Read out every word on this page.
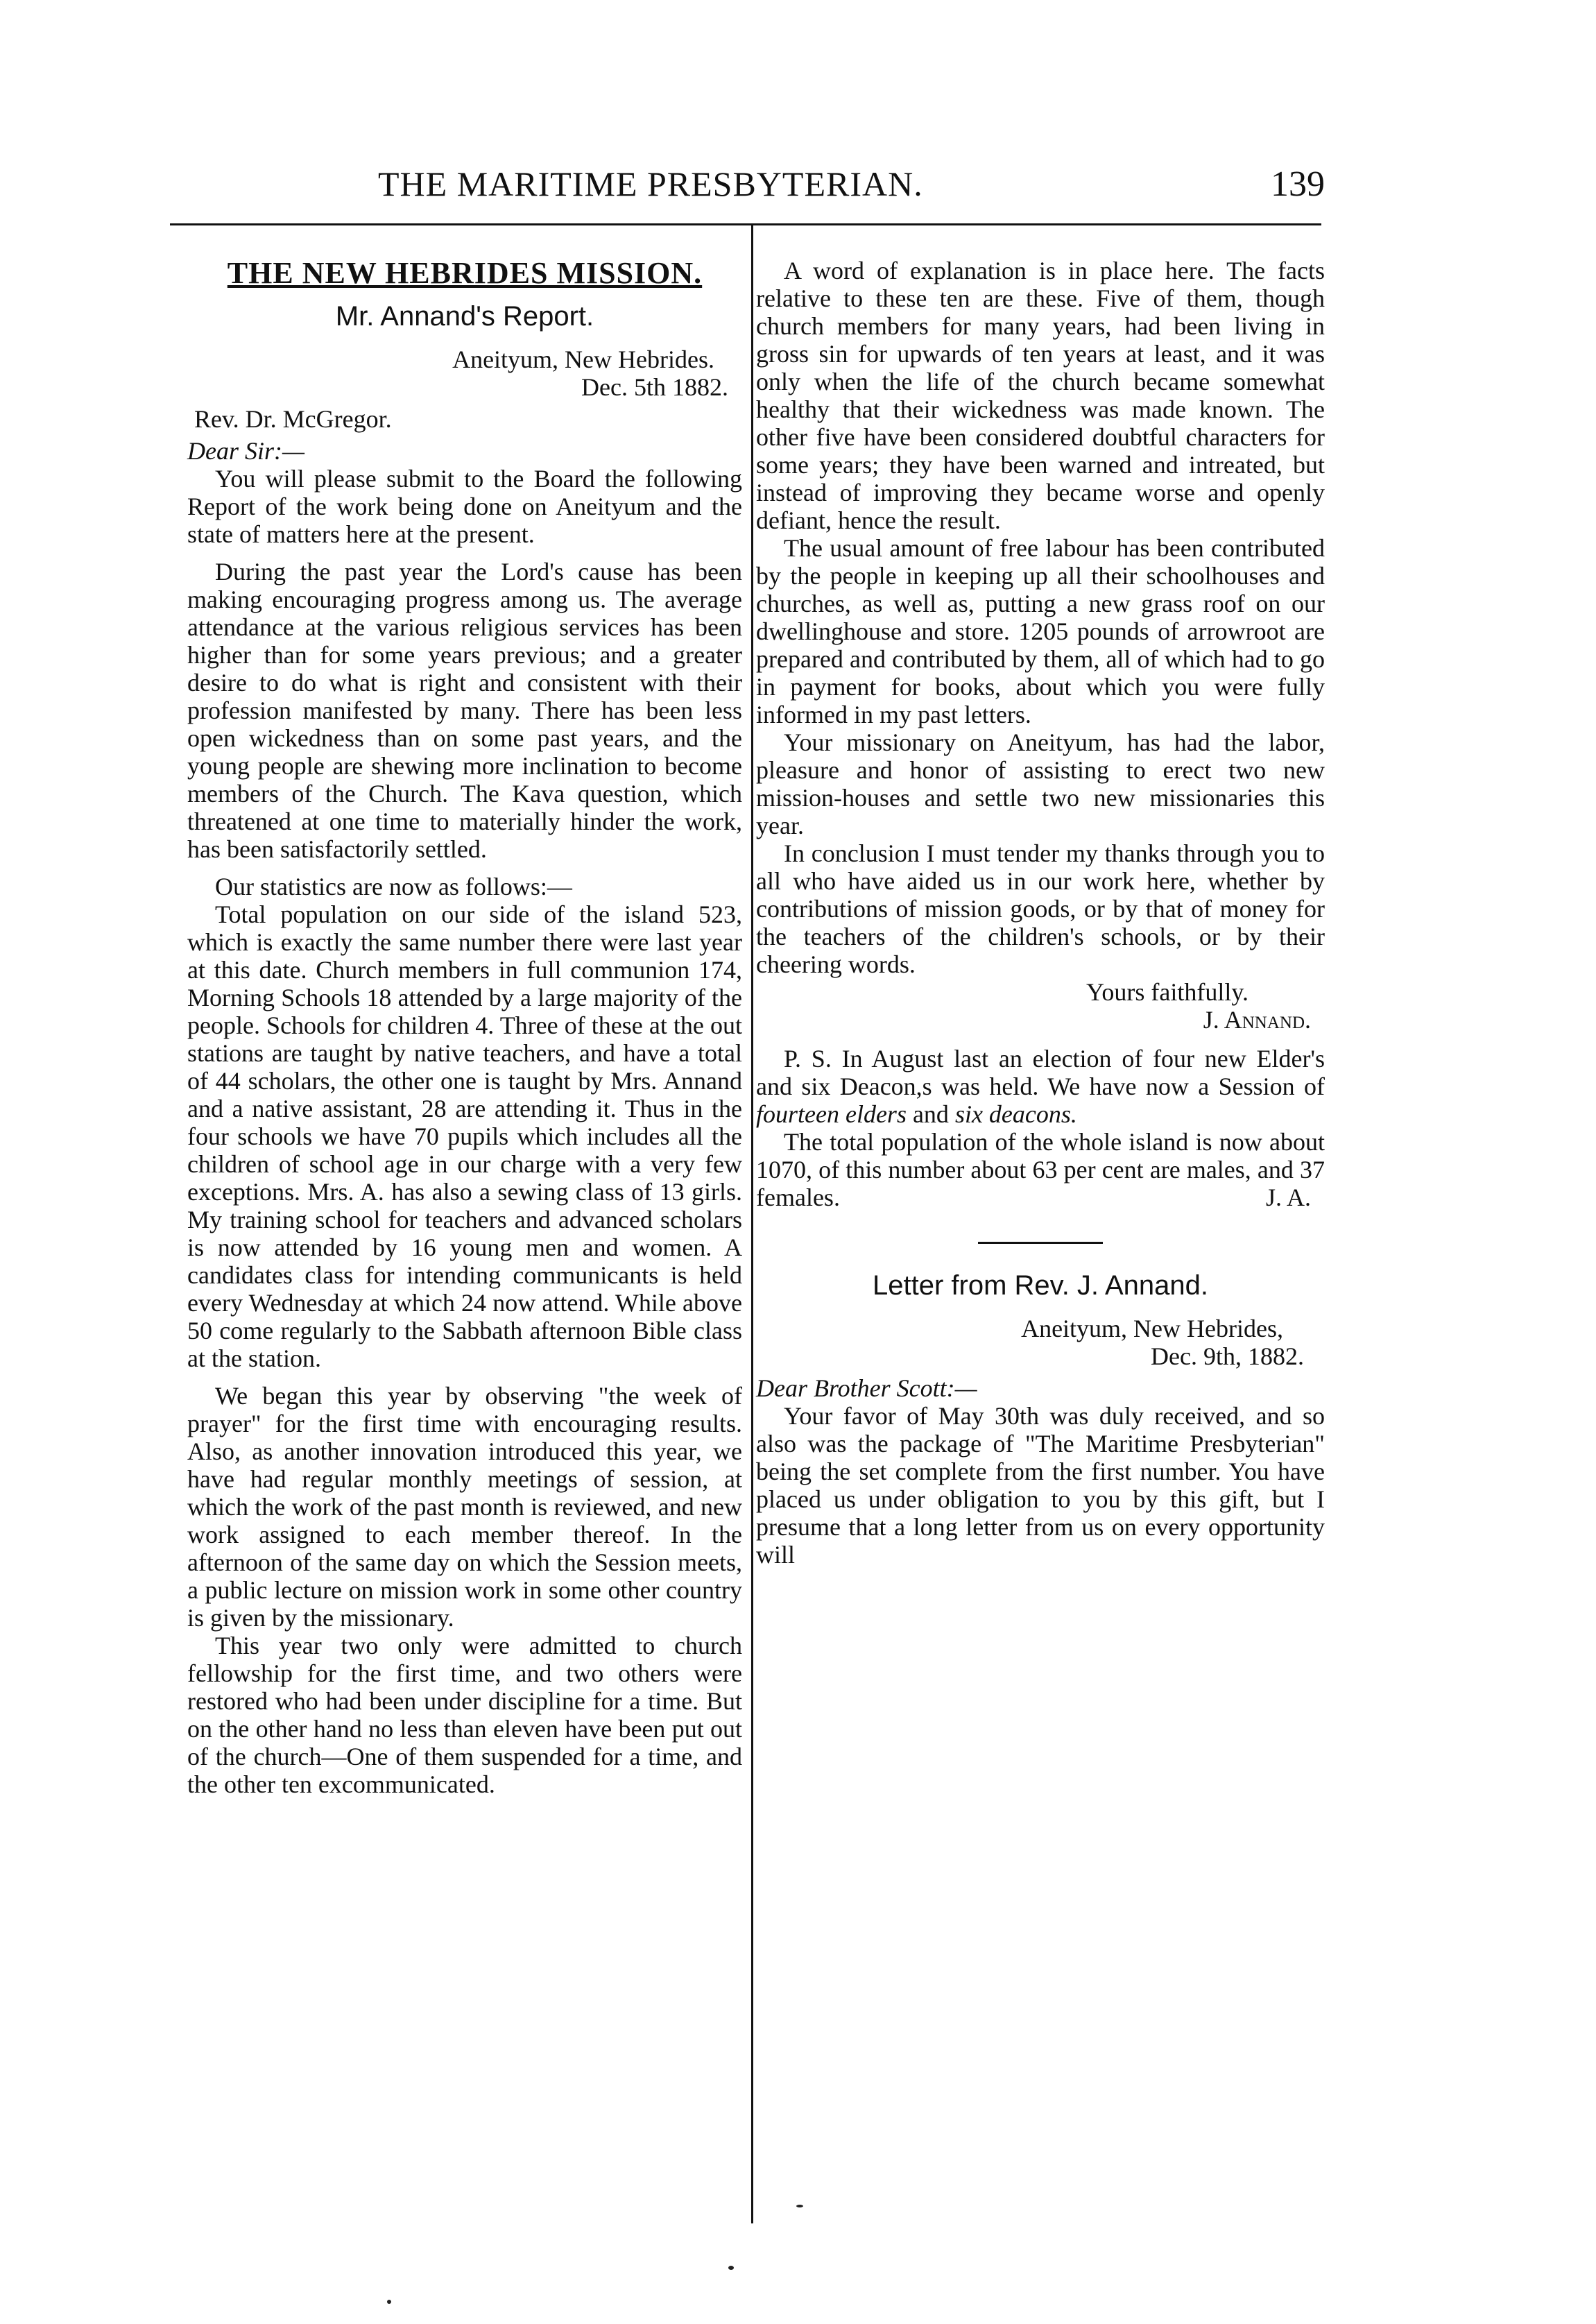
THE MARITIME PRESBYTERIAN.	139
THE NEW HEBRIDES MISSION.
Mr. Annand's Report.
Aneityum, New Hebrides.
Dec. 5th 1882.
Rev. Dr. McGregor.
Dear Sir:—

You will please submit to the Board the following Report of the work being done on Aneityum and the state of matters here at the present.

During the past year the Lord's cause has been making encouraging progress among us. The average attendance at the various religious services has been higher than for some years previous; and a greater desire to do what is right and consistent with their profession manifested by many. There has been less open wickedness than on some past years, and the young people are shewing more inclination to become members of the Church. The Kava question, which threatened at one time to materially hinder the work, has been satisfactorily settled.

Our statistics are now as follows:—

Total population on our side of the island 523, which is exactly the same number there were last year at this date. Church members in full communion 174, Morning Schools 18 attended by a large majority of the people. Schools for children 4. Three of these at the out stations are taught by native teachers, and have a total of 44 scholars, the other one is taught by Mrs. Annand and a native assistant, 28 are attending it. Thus in the four schools we have 70 pupils which includes all the children of school age in our charge with a very few exceptions. Mrs. A. has also a sewing class of 13 girls. My training school for teachers and advanced scholars is now attended by 16 young men and women. A candidates class for intending communicants is held every Wednesday at which 24 now attend. While above 50 come regularly to the Sabbath afternoon Bible class at the station.

We began this year by observing "the week of prayer" for the first time with encouraging results. Also, as another innovation introduced this year, we have had regular monthly meetings of session, at which the work of the past month is reviewed, and new work assigned to each member thereof. In the afternoon of the same day on which the Session meets, a public lecture on mission work in some other country is given by the missionary.

This year two only were admitted to church fellowship for the first time, and two others were restored who had been under discipline for a time. But on the other hand no less than eleven have been put out of the church—One of them suspended for a time, and the other ten excommunicated.

A word of explanation is in place here. The facts relative to these ten are these. Five of them, though church members for many years, had been living in gross sin for upwards of ten years at least, and it was only when the life of the church became somewhat healthy that their wickedness was made known. The other five have been considered doubtful characters for some years; they have been warned and intreated, but instead of improving they became worse and openly defiant, hence the result.

The usual amount of free labour has been contributed by the people in keeping up all their schoolhouses and churches, as well as, putting a new grass roof on our dwellinghouse and store. 1205 pounds of arrowroot are prepared and contributed by them, all of which had to go in payment for books, about which you were fully informed in my past letters.

Your missionary on Aneityum, has had the labor, pleasure and honor of assisting to erect two new mission-houses and settle two new missionaries this year.

In conclusion I must tender my thanks through you to all who have aided us in our work here, whether by contributions of mission goods, or by that of money for the teachers of the children's schools, or by their cheering words.

Yours faithfully.
J. Annand.

P. S. In August last an election of four new Elder's and six Deacon,s was held. We have now a Session of fourteen elders and six deacons.

The total population of the whole island is now about 1070, of this number about 63 per cent are males, and 37 females.	J. A.

Letter from Rev. J. Annand.
Aneityum, New Hebrides,
Dec. 9th, 1882.
Dear Brother Scott:—

Your favor of May 30th was duly received, and so also was the package of "The Maritime Presbyterian" being the set complete from the first number. You have placed us under obligation to you by this gift, but I presume that a long letter from us on every opportunity will
